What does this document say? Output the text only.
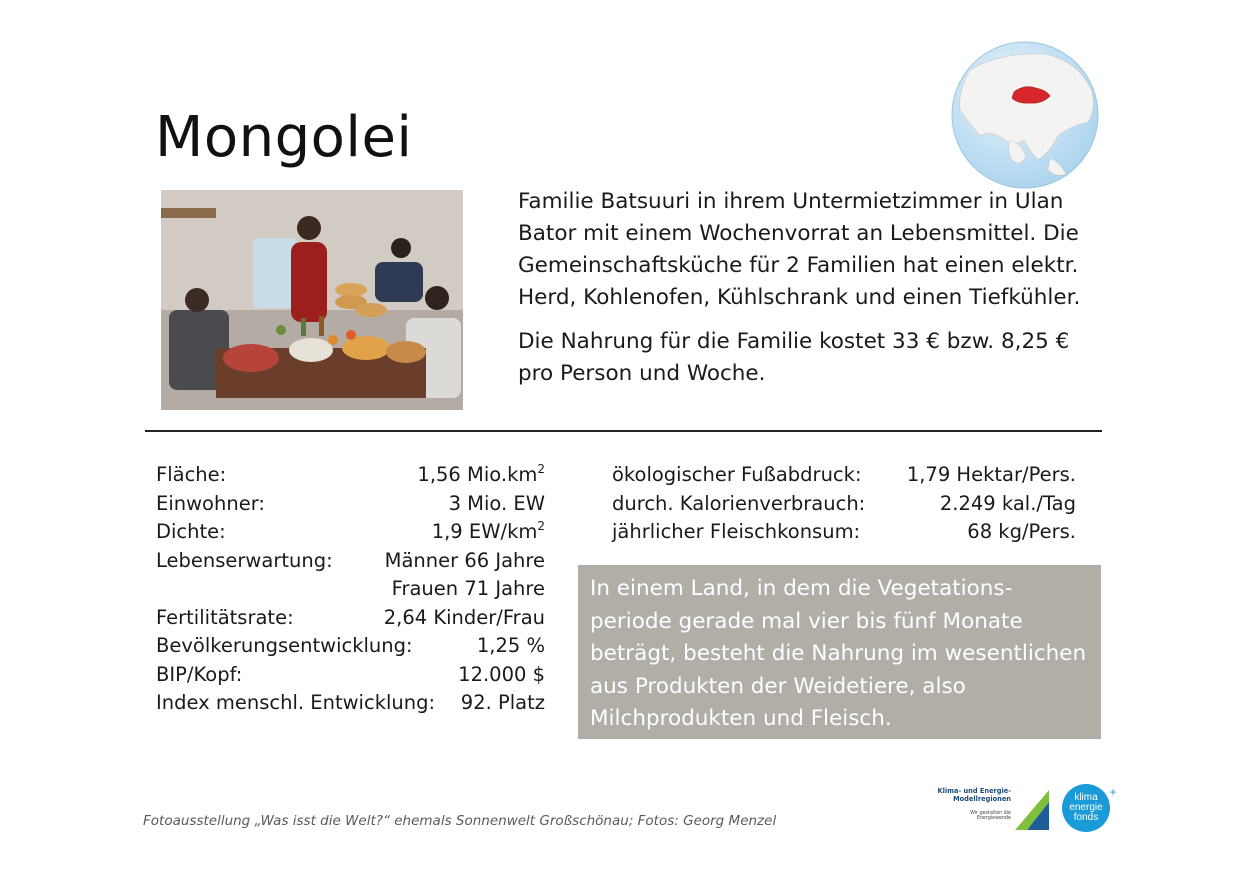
Mongolei

Familie Batsuuri in ihrem Untermietzimmer in Ulan Bator mit einem Wochenvorrat an Lebensmittel. Die Gemeinschaftsküche für 2 Familien hat einen elektr. Herd, Kohlenofen, Kühlschrank und einen Tiefkühler.

Die Nahrung für die Familie kostet 33 € bzw. 8,25 € pro Person und Woche.

Fläche:	1,56 $Mio.km^2$
Einwohner:	3 Mio. EW
Dichte:	1,9 $EW/km^2$
Lebenserwartung:	Männer 66 Jahre
Frauen 71 Jahre
Fertilitätsrate:	2,64 Kinder/Frau
Bevölkerungsentwicklung:	1,25 %
BIP/Kopf:	12.000 $
Index menschl. Entwicklung: 92. Platz
ökologischer Fußabdruck: 1,79 Hektar/Pers.
durch. Kalorienverbrauch:	2.249 kal./Tag
jährlicher Fleischkonsum:	68 kg/Pers.
In einem Land, in dem die Vegetations-periode gerade mal vier bis fünf Monate beträgt, besteht die Nahrung im wesentlichen aus Produkten der Weidetiere, also Milchprodukten und Fleisch.
Fotoausstellung „Was isst die Welt?“ ehemals Sonnenwelt Großschönau; Fotos: Georg Menzel
Klima- und Energie-
Modellregionen
Wir gestalten die Energiewende
klima
energie
fonds
+
